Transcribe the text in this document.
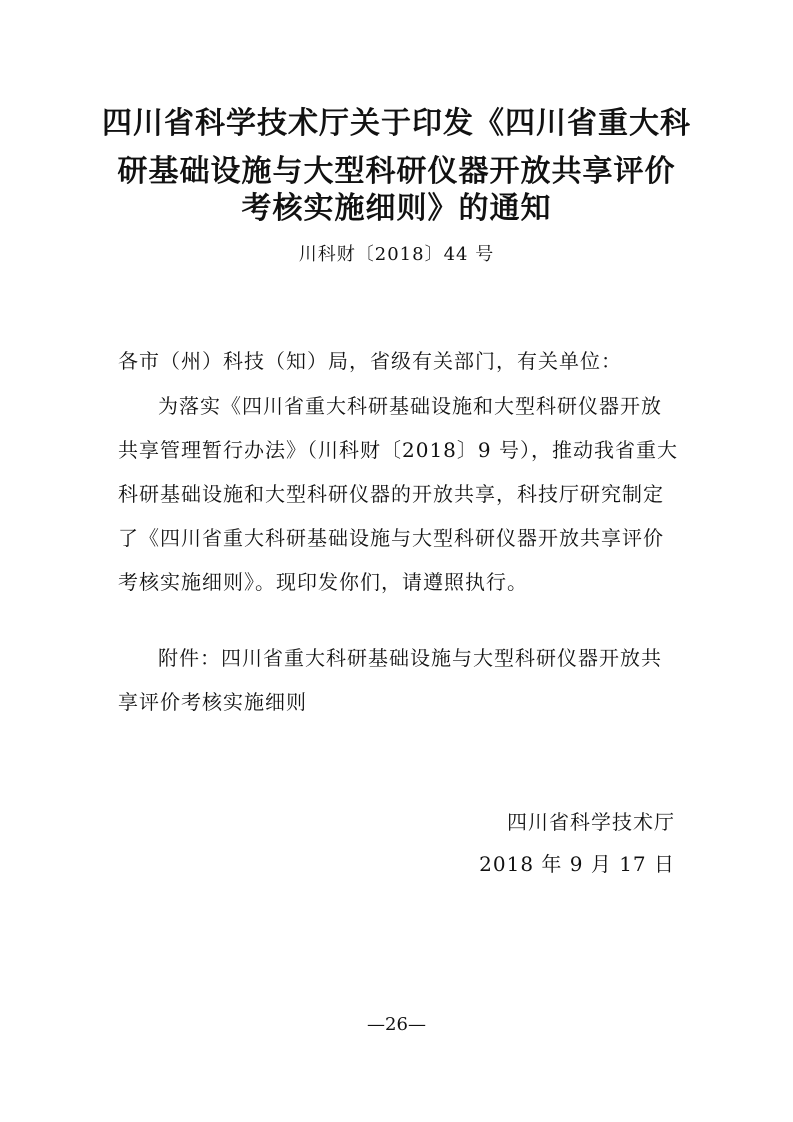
四川省科学技术厅关于印发《四川省重大科
研基础设施与大型科研仪器开放共享评价
考核实施细则》的通知
川科财〔2018〕44 号
各市（州）科技（知）局，省级有关部门，有关单位：
为落实《四川省重大科研基础设施和大型科研仪器开放
共享管理暂行办法》（川科财〔2018〕9 号），推动我省重大
科研基础设施和大型科研仪器的开放共享，科技厅研究制定
了《四川省重大科研基础设施与大型科研仪器开放共享评价
考核实施细则》。现印发你们，请遵照执行。
附件：四川省重大科研基础设施与大型科研仪器开放共
享评价考核实施细则
四川省科学技术厅
2018 年 9 月 17 日
—26—
